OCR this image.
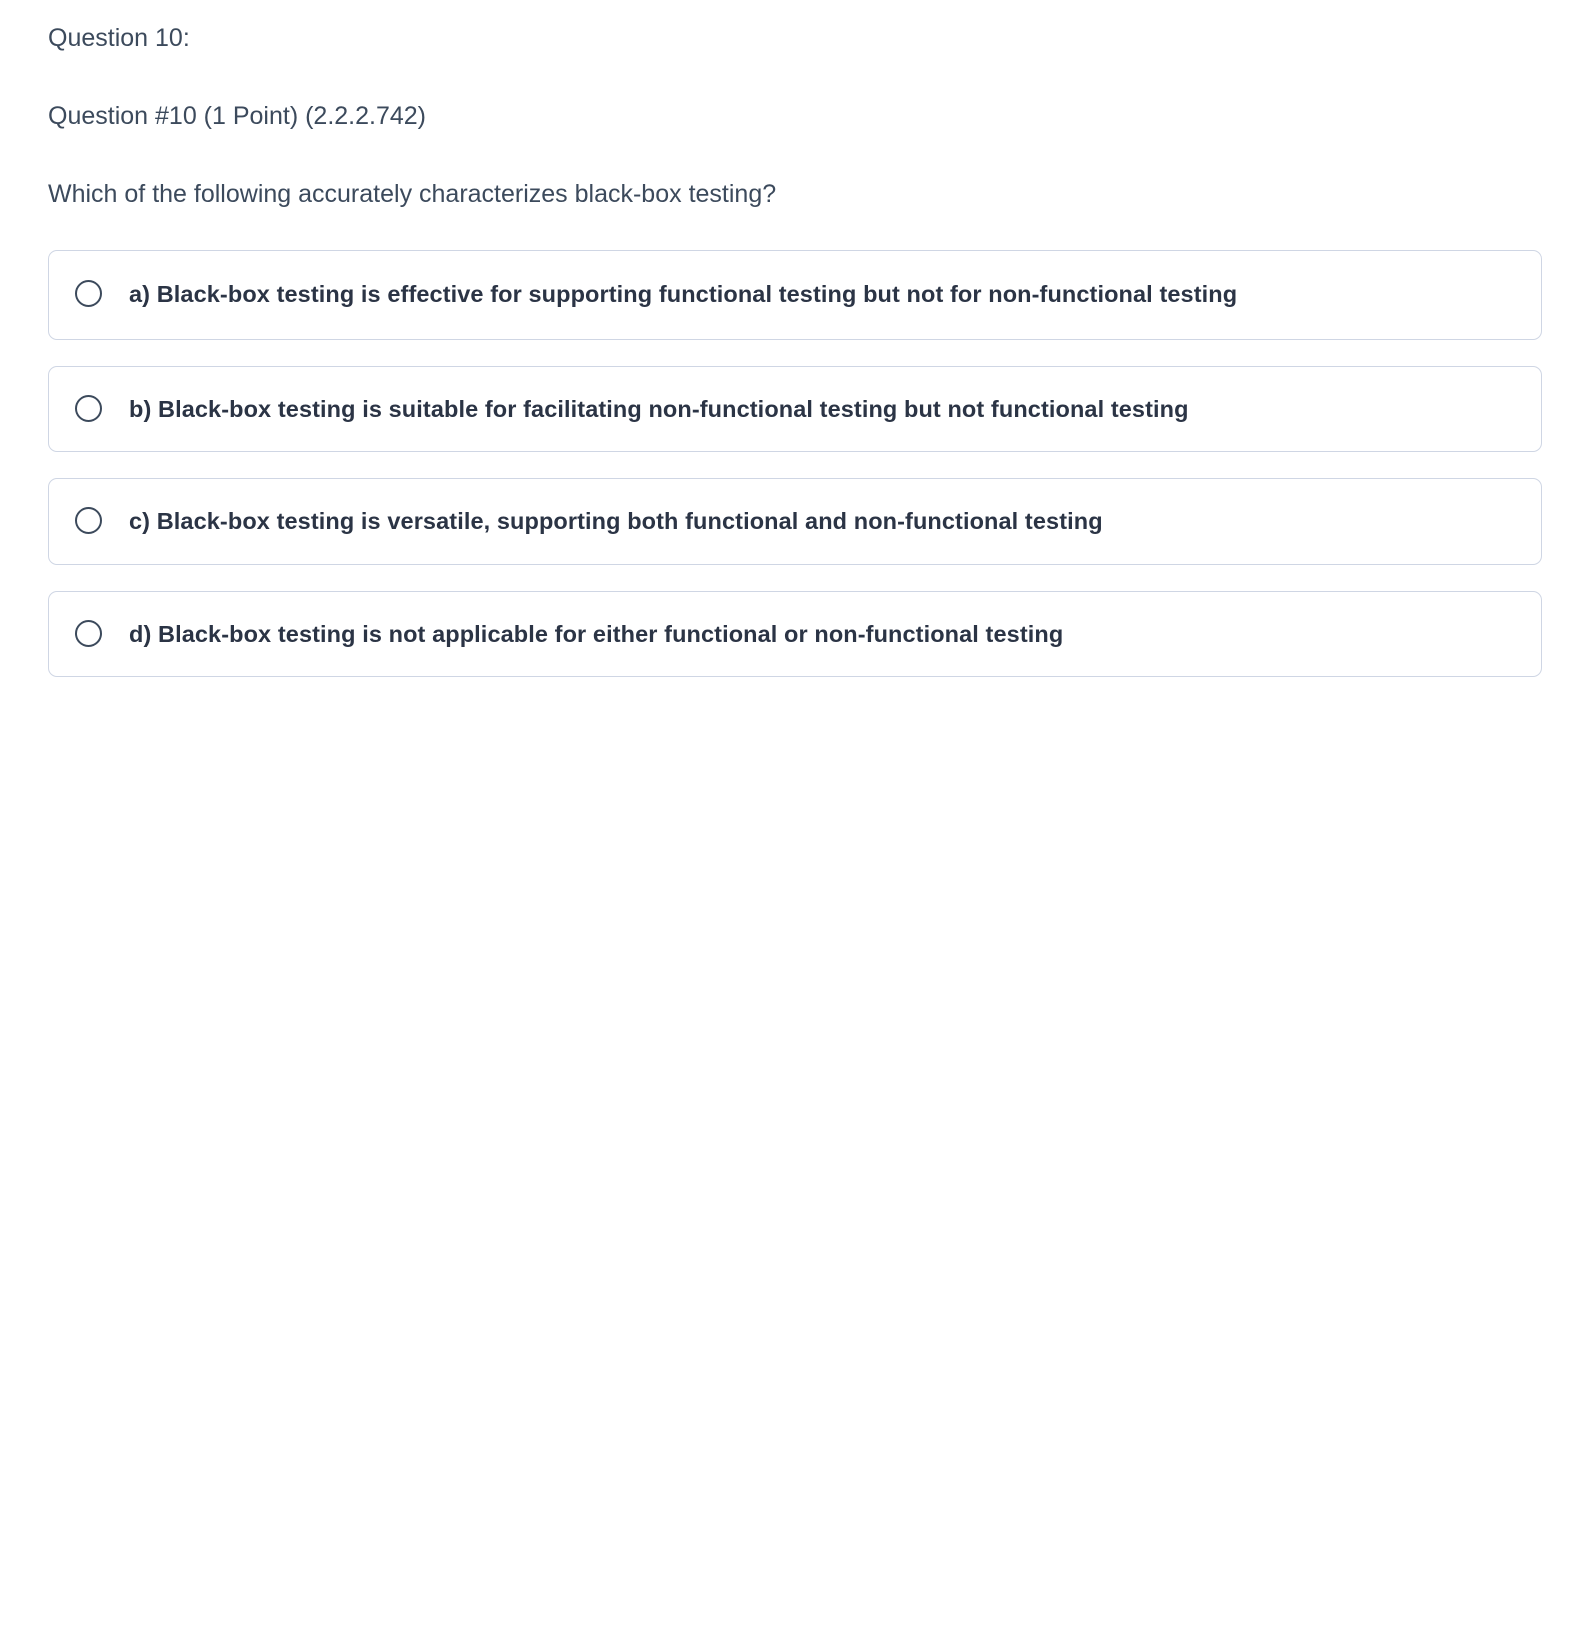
Question 10:
Question #10 (1 Point) (2.2.2.742)
Which of the following accurately characterizes black-box testing?
a) Black-box testing is effective for supporting functional testing but not for non-functional testing
b) Black-box testing is suitable for facilitating non-functional testing but not functional testing
c) Black-box testing is versatile, supporting both functional and non-functional testing
d) Black-box testing is not applicable for either functional or non-functional testing
